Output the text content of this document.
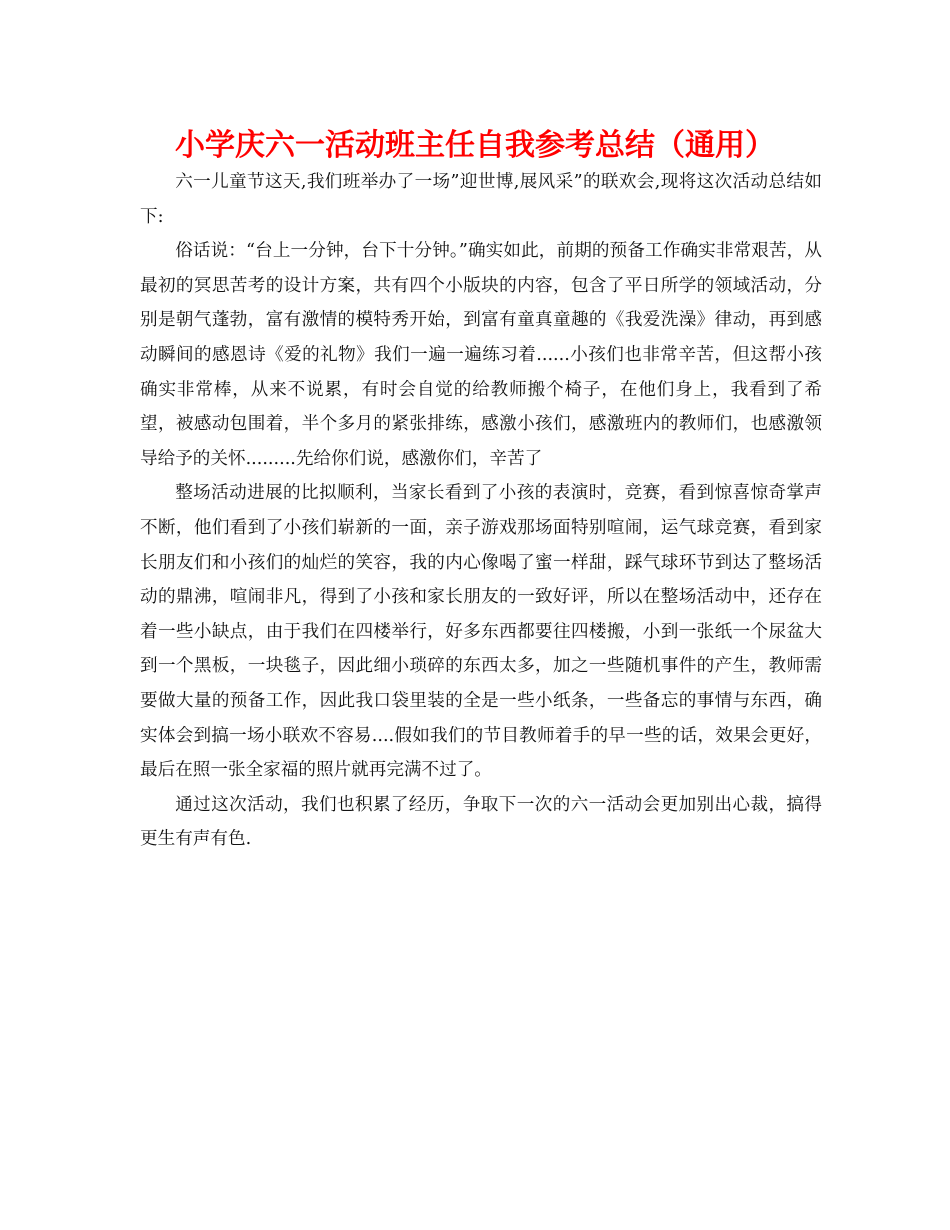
小学庆六一活动班主任自我参考总结（通用）

六一儿童节这天,我们班举办了一场”迎世博,展风采”的联欢会,现将这次活动总结如下:

俗话说：“台上一分钟，台下十分钟。”确实如此，前期的预备工作确实非常艰苦，从最初的冥思苦考的设计方案，共有四个小版块的内容，包含了平日所学的领域活动，分别是朝气蓬勃，富有激情的模特秀开始，到富有童真童趣的《我爱洗澡》律动，再到感动瞬间的感恩诗《爱的礼物》我们一遍一遍练习着......小孩们也非常辛苦，但这帮小孩确实非常棒，从来不说累，有时会自觉的给教师搬个椅子，在他们身上，我看到了希望，被感动包围着，半个多月的紧张排练，感激小孩们，感激班内的教师们，也感激领导给予的关怀.........先给你们说，感激你们，辛苦了

整场活动进展的比拟顺利，当家长看到了小孩的表演时，竞赛，看到惊喜惊奇掌声不断，他们看到了小孩们崭新的一面，亲子游戏那场面特别喧闹，运气球竞赛，看到家长朋友们和小孩们的灿烂的笑容，我的内心像喝了蜜一样甜，踩气球环节到达了整场活动的鼎沸，喧闹非凡，得到了小孩和家长朋友的一致好评，所以在整场活动中，还存在着一些小缺点，由于我们在四楼举行，好多东西都要往四楼搬，小到一张纸一个尿盆大到一个黑板，一块毯子，因此细小琐碎的东西太多，加之一些随机事件的产生，教师需要做大量的预备工作，因此我口袋里装的全是一些小纸条，一些备忘的事情与东西，确实体会到搞一场小联欢不容易....假如我们的节目教师着手的早一些的话，效果会更好，最后在照一张全家福的照片就再完满不过了。

通过这次活动，我们也积累了经历，争取下一次的六一活动会更加别出心裁，搞得更生有声有色.
